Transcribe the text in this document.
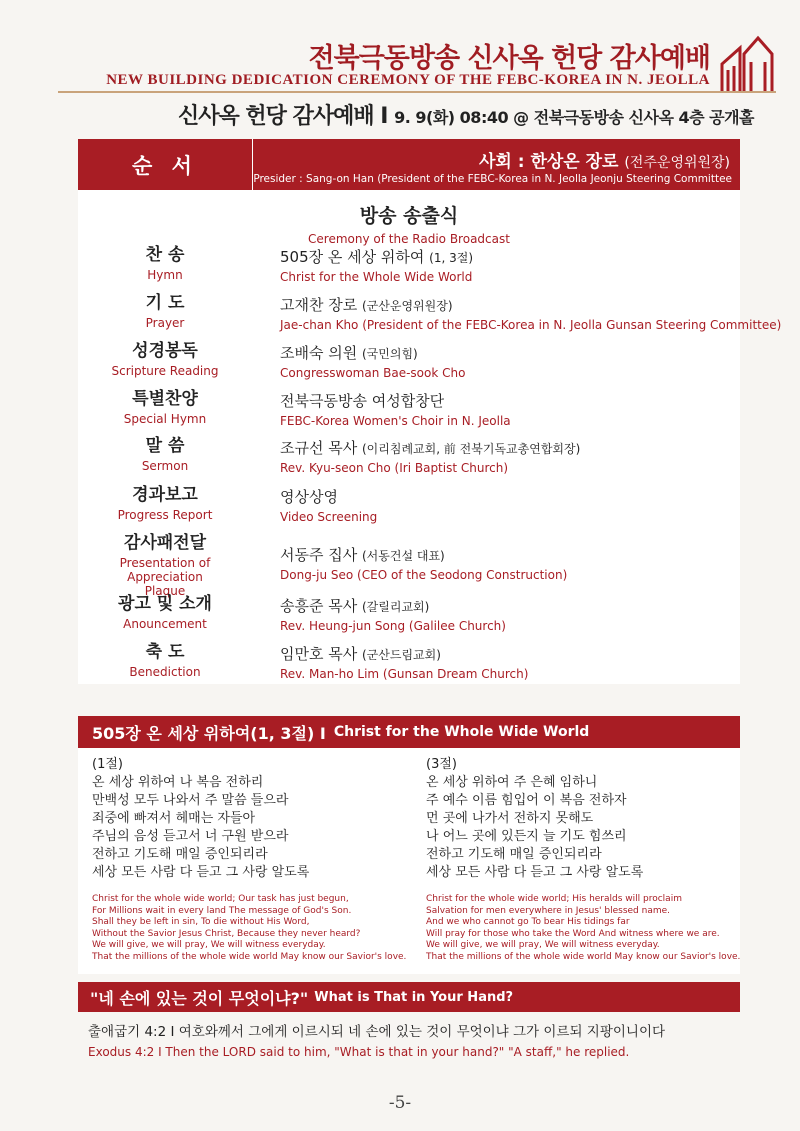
전북극동방송 신사옥 헌당 감사예배
NEW BUILDING DEDICATION CEREMONY OF THE FEBC-KOREA IN N. JEOLLA
신사옥 헌당 감사예배 I 9. 9(화) 08:40 @ 전북극동방송 신사옥 4층 공개홀
순 서	사회 : 한상온 장로 (전주운영위원장)
Presider : Sang-on Han (President of the FEBC-Korea in N. Jeolla Jeonju Steering Committee
방송 송출식
Ceremony of the Radio Broadcast
찬 송
Hymn
505장 온 세상 위하여 (1, 3절)
Christ for the Whole Wide World
기 도
Prayer
고재찬 장로 (군산운영위원장)
Jae-chan Kho (President of the FEBC-Korea in N. Jeolla Gunsan Steering Committee)
성경봉독
Scripture Reading
조배숙 의원 (국민의힘)
Congresswoman Bae-sook Cho
특별찬양
Special Hymn
전북극동방송 여성합창단
FEBC-Korea Women's Choir in N. Jeolla
말 씀
Sermon
조규선 목사 (이리침례교회, 前 전북기독교총연합회장)
Rev. Kyu-seon Cho (Iri Baptist Church)
경과보고
Progress Report
영상상영
Video Screening
감사패전달
Presentation of Appreciation Plaque
서동주 집사 (서동건설 대표)
Dong-ju Seo (CEO of the Seodong Construction)
광고 및 소개
Anouncement
송흥준 목사 (갈릴리교회)
Rev. Heung-jun Song (Galilee Church)
축 도
Benediction
임만호 목사 (군산드림교회)
Rev. Man-ho Lim (Gunsan Dream Church)
505장 온 세상 위하여(1, 3절) I Christ for the Whole Wide World
(1절)
온 세상 위하여 나 복음 전하리
만백성 모두 나와서 주 말씀 들으라
죄중에 빠져서 헤매는 자들아
주님의 음성 듣고서 너 구원 받으라
전하고 기도해 매일 증인되리라
세상 모든 사람 다 듣고 그 사랑 알도록
Christ for the whole wide world; Our task has just begun,
For Millions wait in every land The message of God's Son.
Shall they be left in sin, To die without His Word,
Without the Savior Jesus Christ, Because they never heard?
We will give, we will pray, We will witness everyday.
That the millions of the whole wide world May know our Savior's love.
(3절)
온 세상 위하여 주 은혜 임하니
주 예수 이름 힘입어 이 복음 전하자
먼 곳에 나가서 전하지 못해도
나 어느 곳에 있든지 늘 기도 힘쓰리
전하고 기도해 매일 증인되리라
세상 모든 사람 다 듣고 그 사랑 알도록
Christ for the whole wide world; His heralds will proclaim
Salvation for men everywhere in Jesus' blessed name.
And we who cannot go To bear His tidings far
Will pray for those who take the Word And witness where we are.
We will give, we will pray, We will witness everyday.
That the millions of the whole wide world May know our Savior's love.
"네 손에 있는 것이 무엇이냐?" What is That in Your Hand?
출애굽기 4:2 I 여호와께서 그에게 이르시되 네 손에 있는 것이 무엇이냐 그가 이르되 지팡이니이다
Exodus 4:2 I Then the LORD said to him, "What is that in your hand?" "A staff," he replied.
-5-
